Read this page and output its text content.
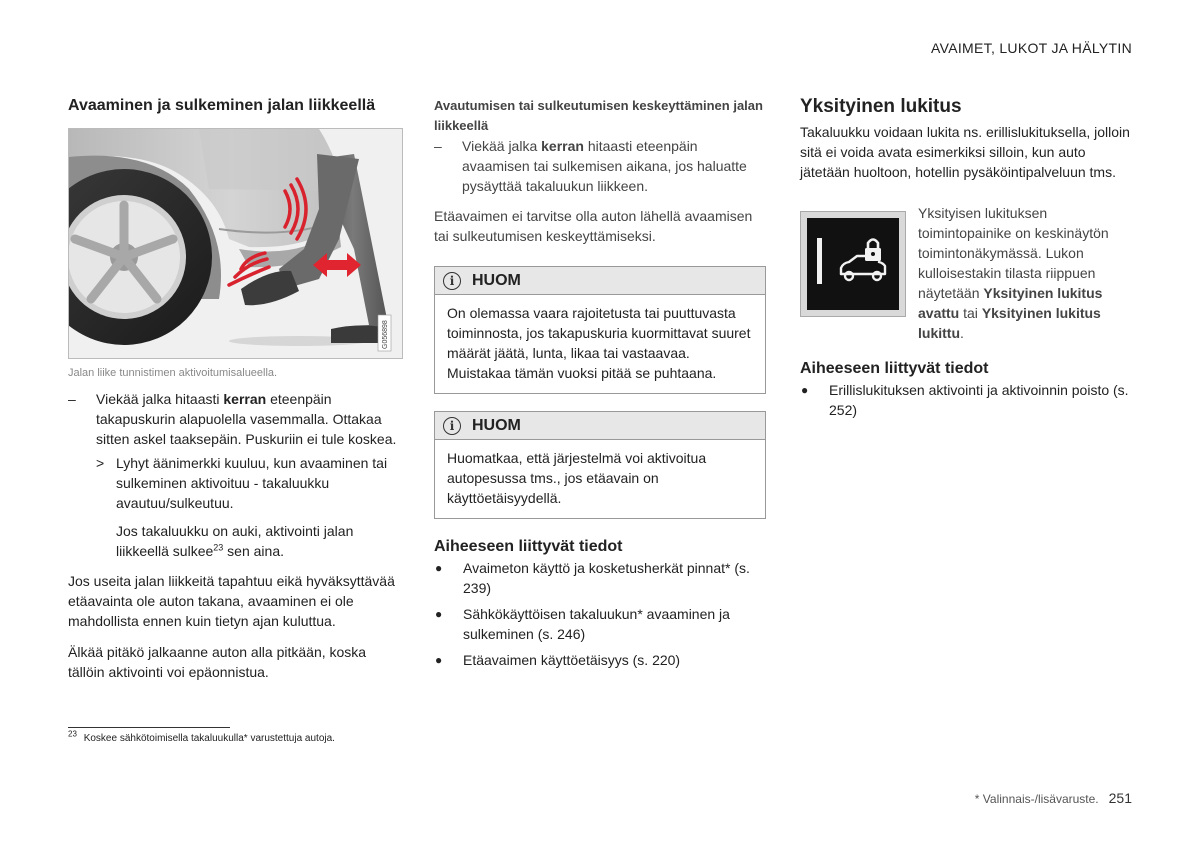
AVAIMET, LUKOT JA HÄLYTIN
Avaaminen ja sulkeminen jalan liikkeellä
G056898
Jalan liike tunnistimen aktivoitumisalueella.
– Viekää jalka hitaasti kerran eteenpäin takapuskurin alapuolella vasemmalla. Ottakaa sitten askel taaksepäin. Puskuriin ei tule koskea.
> Lyhyt äänimerkki kuuluu, kun avaaminen tai sulkeminen aktivoituu - takaluukku avautuu/sulkeutuu.
Jos takaluukku on auki, aktivointi jalan liikkeellä sulkee$^{23}$ sen aina.

Jos useita jalan liikkeitä tapahtuu eikä hyväksyttävää etäavainta ole auton takana, avaaminen ei ole mahdollista ennen kuin tietyn ajan kuluttua.

Älkää pitäkö jalkaanne auton alla pitkään, koska tällöin aktivointi voi epäonnistua.

Avautumisen tai sulkeutumisen keskeyttäminen jalan liikkeellä
– Viekää jalka kerran hitaasti eteenpäin avaamisen tai sulkemisen aikana, jos haluatte pysäyttää takaluukun liikkeen.

Etäavaimen ei tarvitse olla auton lähellä avaamisen tai sulkeutumisen keskeyttämiseksi.

i	HUOM
On olemassa vaara rajoitetusta tai puuttuvasta toiminnosta, jos takapuskuria kuormittavat suuret määrät jäätä, lunta, likaa tai vastaavaa. Muistakaa tämän vuoksi pitää se puhtaana.
i	HUOM
Huomatkaa, että järjestelmä voi aktivoitua autopesussa tms., jos etäavain on käyttöetäisyydellä.
Aiheeseen liittyvät tiedot
● Avaimeton käyttö ja kosketusherkät pinnat* (s. 239)
● Sähkökäyttöisen takaluukun* avaaminen ja sulkeminen (s. 246)
● Etäavaimen käyttöetäisyys (s. 220)
Yksityinen lukitus

Takaluukku voidaan lukita ns. erillislukituksella, jolloin sitä ei voida avata esimerkiksi silloin, kun auto jätetään huoltoon, hotellin pysäköintipalveluun tms.

Yksityisen lukituksen toimintopainike on keskinäytön toimintonäkymässä. Lukon kulloisestakin tilasta riippuen näytetään Yksityinen lukitus avattu tai Yksityinen lukitus lukittu.
Aiheeseen liittyvät tiedot
● Erillislukituksen aktivointi ja aktivoinnin poisto (s. 252)
$^{23}$ Koskee sähkötoimisella takaluukulla* varustettuja autoja.
* Valinnais-/lisävaruste. 251
